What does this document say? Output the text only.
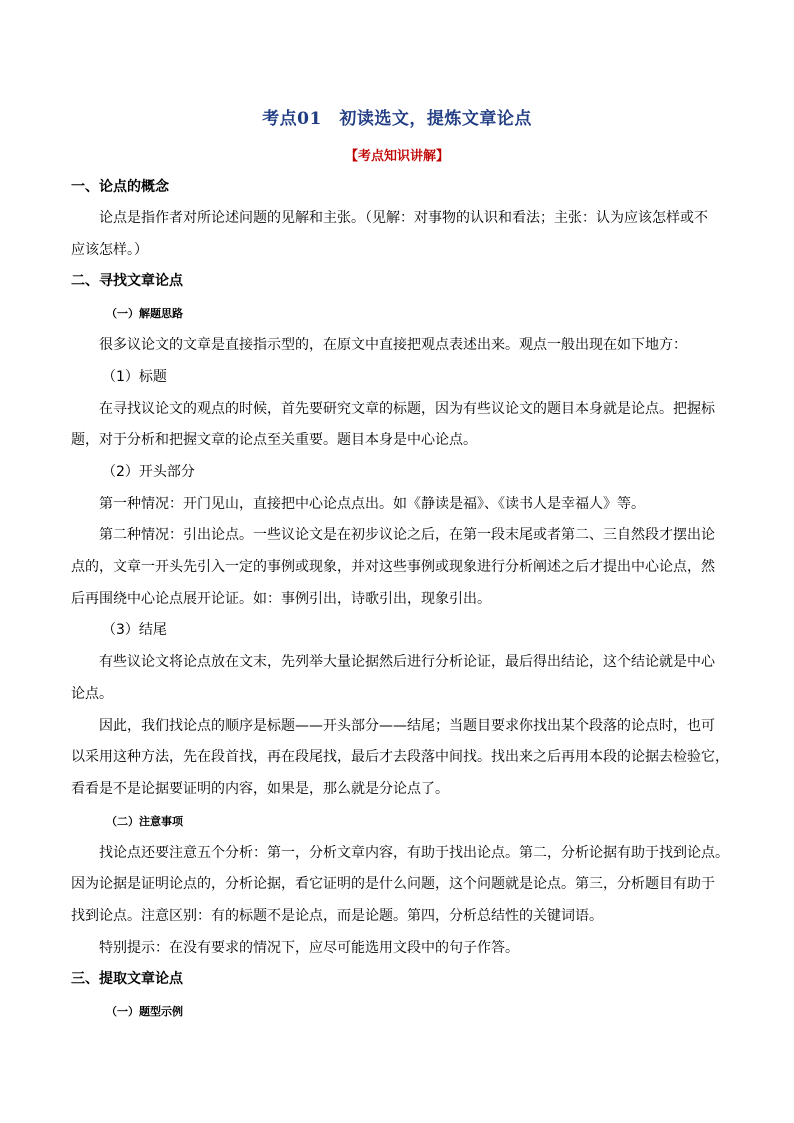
考点01　初读选文，提炼文章论点
【考点知识讲解】
一、论点的概念
论点是指作者对所论述问题的见解和主张。（见解：对事物的认识和看法；主张：认为应该怎样或不
应该怎样。）
二、寻找文章论点
（一）解题思路
很多议论文的文章是直接指示型的，在原文中直接把观点表述出来。观点一般出现在如下地方：
（1）标题
在寻找议论文的观点的时候，首先要研究文章的标题，因为有些议论文的题目本身就是论点。把握标
题，对于分析和把握文章的论点至关重要。题目本身是中心论点。
（2）开头部分
第一种情况：开门见山，直接把中心论点点出。如《静读是福》、《读书人是幸福人》等。
第二种情况：引出论点。一些议论文是在初步议论之后，在第一段末尾或者第二、三自然段才摆出论
点的，文章一开头先引入一定的事例或现象，并对这些事例或现象进行分析阐述之后才提出中心论点，然
后再围绕中心论点展开论证。如：事例引出，诗歌引出，现象引出。
（3）结尾
有些议论文将论点放在文末，先列举大量论据然后进行分析论证，最后得出结论，这个结论就是中心
论点。
因此，我们找论点的顺序是标题——开头部分——结尾；当题目要求你找出某个段落的论点时，也可
以采用这种方法，先在段首找，再在段尾找，最后才去段落中间找。找出来之后再用本段的论据去检验它，
看看是不是论据要证明的内容，如果是，那么就是分论点了。
（二）注意事项
找论点还要注意五个分析：第一，分析文章内容，有助于找出论点。第二，分析论据有助于找到论点。
因为论据是证明论点的，分析论据，看它证明的是什么问题，这个问题就是论点。第三，分析题目有助于
找到论点。注意区别：有的标题不是论点，而是论题。第四，分析总结性的关键词语。
特别提示：在没有要求的情况下，应尽可能选用文段中的句子作答。
三、提取文章论点
（一）题型示例
